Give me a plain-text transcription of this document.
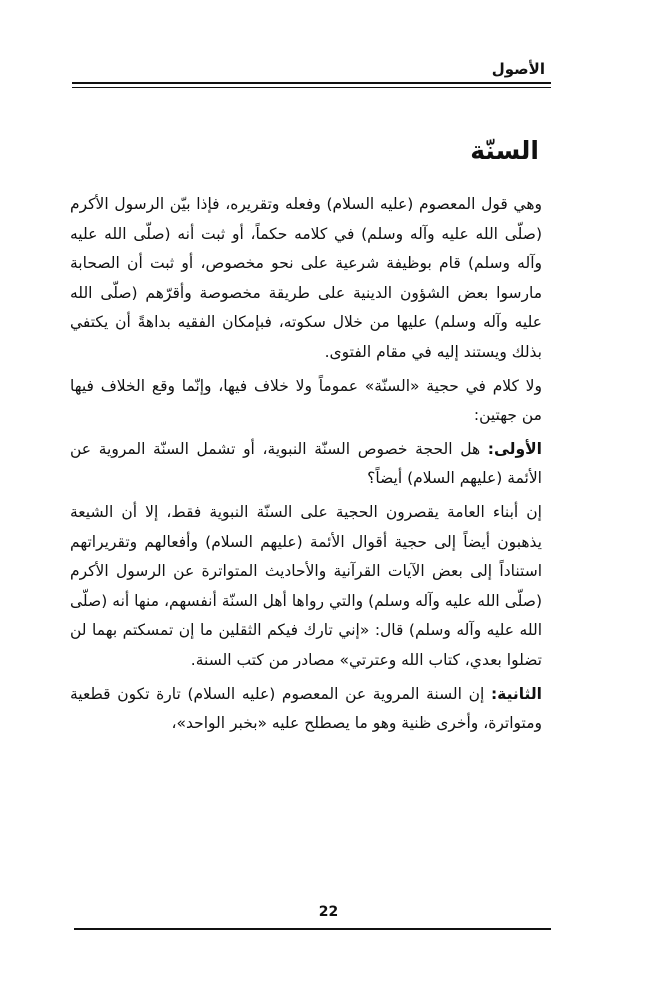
الأصول
السنّة

وهي قول المعصوم (عليه السلام) وفعله وتقريره، فإذا بيّن الرسول الأكرم (صلّى الله عليه وآله وسلم) في كلامه حكماً، أو ثبت أنه (صلّى الله عليه وآله وسلم) قام بوظيفة شرعية على نحو مخصوص، أو ثبت أن الصحابة مارسوا بعض الشؤون الدينية على طريقة مخصوصة وأقرّهم (صلّى الله عليه وآله وسلم) عليها من خلال سكوته، فبإمكان الفقيه بداهةً أن يكتفي بذلك ويستند إليه في مقام الفتوى.

ولا كلام في حجية «السنّة» عموماً ولا خلاف فيها، وإنّما وقع الخلاف فيها من جهتين:

الأولى: هل الحجة خصوص السنّة النبوية، أو تشمل السنّة المروية عن الأئمة (عليهم السلام) أيضاً؟

إن أبناء العامة يقصرون الحجية على السنّة النبوية فقط، إلا أن الشيعة يذهبون أيضاً إلى حجية أقوال الأئمة (عليهم السلام) وأفعالهم وتقريراتهم استناداً إلى بعض الآيات القرآنية والأحاديث المتواترة عن الرسول الأكرم (صلّى الله عليه وآله وسلم) والتي رواها أهل السنّة أنفسهم، منها أنه (صلّى الله عليه وآله وسلم) قال: «إني تارك فيكم الثقلين ما إن تمسكتم بهما لن تضلوا بعدي، كتاب الله وعترتي» مصادر من كتب السنة.

الثانية: إن السنة المروية عن المعصوم (عليه السلام) تارة تكون قطعية ومتواترة، وأخرى ظنية وهو ما يصطلح عليه «بخبر الواحد»،

22
